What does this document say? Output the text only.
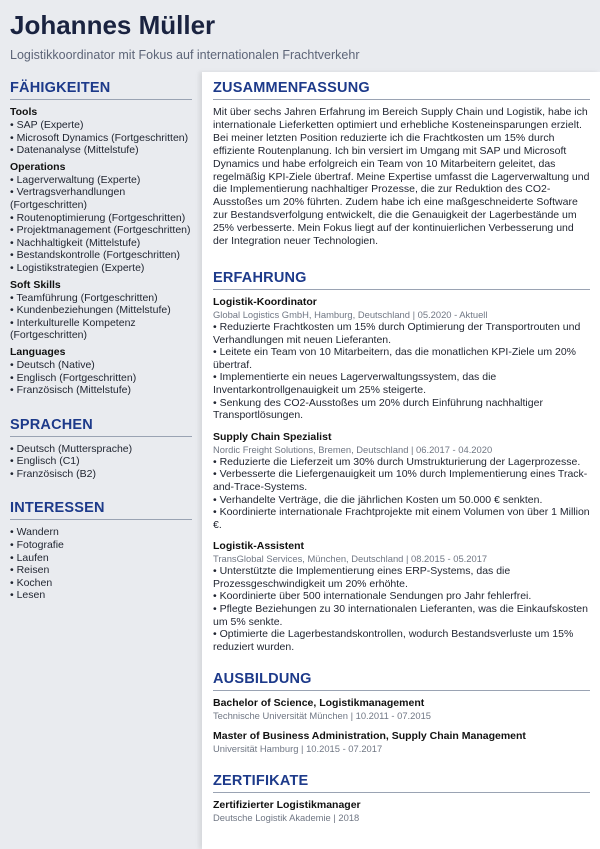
Johannes Müller
Logistikkoordinator mit Fokus auf internationalen Frachtverkehr
FÄHIGKEITEN
Tools
• SAP (Experte)
• Microsoft Dynamics (Fortgeschritten)
• Datenanalyse (Mittelstufe)
Operations
• Lagerverwaltung (Experte)
• Vertragsverhandlungen (Fortgeschritten)
• Routenoptimierung (Fortgeschritten)
• Projektmanagement (Fortgeschritten)
• Nachhaltigkeit (Mittelstufe)
• Bestandskontrolle (Fortgeschritten)
• Logistikstrategien (Experte)
Soft Skills
• Teamführung (Fortgeschritten)
• Kundenbeziehungen (Mittelstufe)
• Interkulturelle Kompetenz (Fortgeschritten)
Languages
• Deutsch (Native)
• Englisch (Fortgeschritten)
• Französisch (Mittelstufe)
SPRACHEN
• Deutsch (Muttersprache)
• Englisch (C1)
• Französisch (B2)
INTERESSEN
• Wandern
• Fotografie
• Laufen
• Reisen
• Kochen
• Lesen
ZUSAMMENFASSUNG
Mit über sechs Jahren Erfahrung im Bereich Supply Chain und Logistik, habe ich internationale Lieferketten optimiert und erhebliche Kosteneinsparungen erzielt. Bei meiner letzten Position reduzierte ich die Frachtkosten um 15% durch effiziente Routenplanung. Ich bin versiert im Umgang mit SAP und Microsoft Dynamics und habe erfolgreich ein Team von 10 Mitarbeitern geleitet, das regelmäßig KPI-Ziele übertraf. Meine Expertise umfasst die Lagerverwaltung und die Implementierung nachhaltiger Prozesse, die zur Reduktion des CO2-Ausstoßes um 20% führten. Zudem habe ich eine maßgeschneiderte Software zur Bestandsverfolgung entwickelt, die die Genauigkeit der Lagerbestände um 25% verbesserte. Mein Fokus liegt auf der kontinuierlichen Verbesserung und der Integration neuer Technologien.
ERFAHRUNG
Logistik-Koordinator
Global Logistics GmbH, Hamburg, Deutschland | 05.2020 - Aktuell
• Reduzierte Frachtkosten um 15% durch Optimierung der Transportrouten und Verhandlungen mit neuen Lieferanten.
• Leitete ein Team von 10 Mitarbeitern, das die monatlichen KPI-Ziele um 20% übertraf.
• Implementierte ein neues Lagerverwaltungssystem, das die Inventarkontrollgenauigkeit um 25% steigerte.
• Senkung des CO2-Ausstoßes um 20% durch Einführung nachhaltiger Transportlösungen.
Supply Chain Spezialist
Nordic Freight Solutions, Bremen, Deutschland | 06.2017 - 04.2020
• Reduzierte die Lieferzeit um 30% durch Umstrukturierung der Lagerprozesse.
• Verbesserte die Liefergenauigkeit um 10% durch Implementierung eines Track-and-Trace-Systems.
• Verhandelte Verträge, die die jährlichen Kosten um 50.000 € senkten.
• Koordinierte internationale Frachtprojekte mit einem Volumen von über 1 Million €.
Logistik-Assistent
TransGlobal Services, München, Deutschland | 08.2015 - 05.2017
• Unterstützte die Implementierung eines ERP-Systems, das die Prozessgeschwindigkeit um 20% erhöhte.
• Koordinierte über 500 internationale Sendungen pro Jahr fehlerfrei.
• Pflegte Beziehungen zu 30 internationalen Lieferanten, was die Einkaufskosten um 5% senkte.
• Optimierte die Lagerbestandskontrollen, wodurch Bestandsverluste um 15% reduziert wurden.
AUSBILDUNG
Bachelor of Science, Logistikmanagement
Technische Universität München | 10.2011 - 07.2015
Master of Business Administration, Supply Chain Management
Universität Hamburg | 10.2015 - 07.2017
ZERTIFIKATE
Zertifizierter Logistikmanager
Deutsche Logistik Akademie | 2018
